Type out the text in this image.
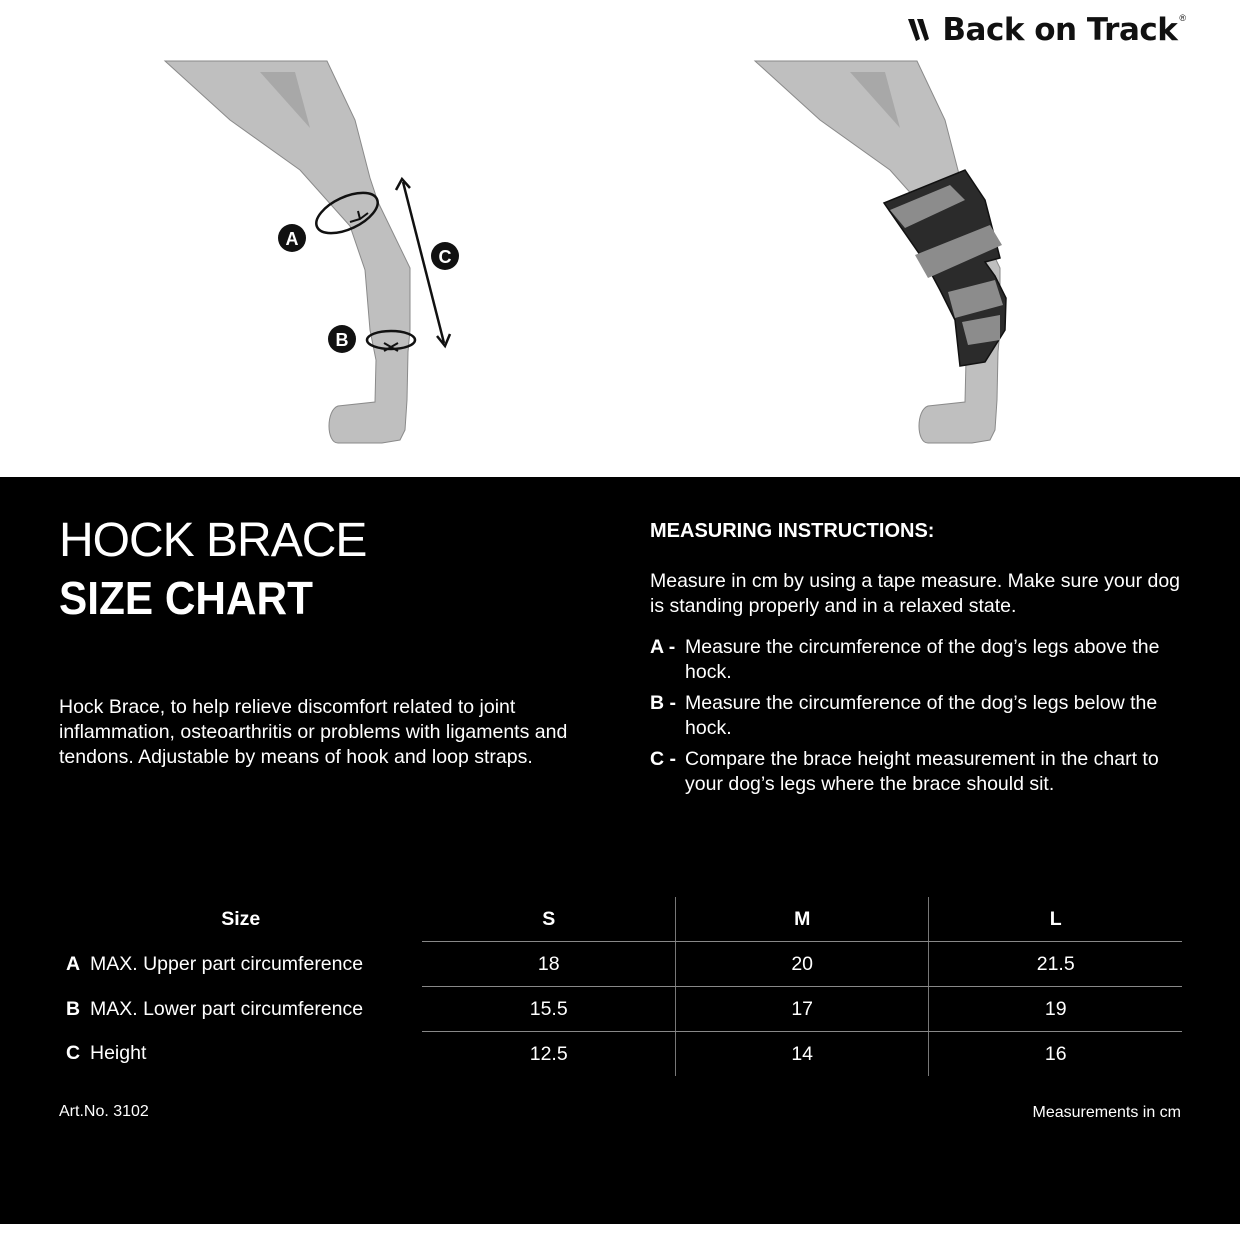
Back on Track ®
A
B
C
HOCK BRACE
SIZE CHART
Hock Brace, to help relieve discomfort related to joint inflammation, osteoarthritis or problems with ligaments and tendons. Adjustable by means of hook and loop straps.
MEASURING INSTRUCTIONS:
Measure in cm by using a tape measure. Make sure your dog is standing properly and in a relaxed state.
A - Measure the circumference of the dog’s legs above the hock.
B - Measure the circumference of the dog’s legs below the hock.
C - Compare the brace height measurement in the chart to your dog’s legs where the brace should sit.
Size	S	M	L
A MAX. Upper part circumference	18	20	21.5
B MAX. Lower part circumference	15.5	17	19
C Height	12.5	14	16
Art.No. 3102	Measurements in cm
